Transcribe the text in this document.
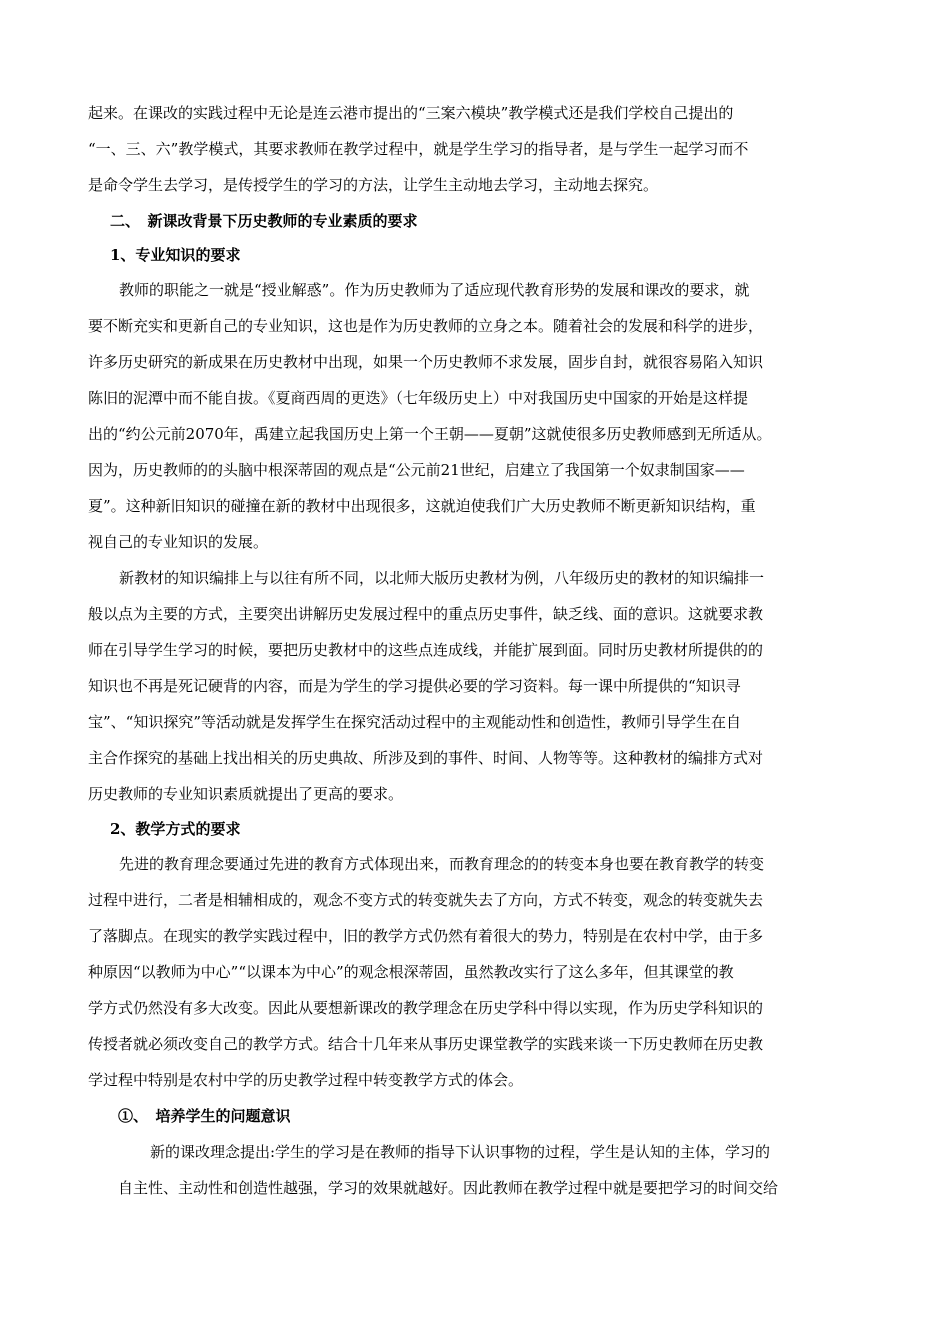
起来。在课改的实践过程中无论是连云港市提出的“三案六模块”教学模式还是我们学校自己提出的
“一、三、六”教学模式，其要求教师在教学过程中，就是学生学习的指导者，是与学生一起学习而不
是命令学生去学习，是传授学生的学习的方法，让学生主动地去学习，主动地去探究。
二、　新课改背景下历史教师的专业素质的要求
1、专业知识的要求
教师的职能之一就是“授业解惑”。作为历史教师为了适应现代教育形势的发展和课改的要求，就
要不断充实和更新自己的专业知识，这也是作为历史教师的立身之本。随着社会的发展和科学的进步，
许多历史研究的新成果在历史教材中出现，如果一个历史教师不求发展，固步自封，就很容易陷入知识
陈旧的泥潭中而不能自拔。《夏商西周的更迭》（七年级历史上）中对我国历史中国家的开始是这样提
出的“约公元前2070年，禹建立起我国历史上第一个王朝——夏朝”这就使很多历史教师感到无所适从。
因为，历史教师的的头脑中根深蒂固的观点是“公元前21世纪，启建立了我国第一个奴隶制国家——
夏”。这种新旧知识的碰撞在新的教材中出现很多，这就迫使我们广大历史教师不断更新知识结构，重
视自己的专业知识的发展。
新教材的知识编排上与以往有所不同，以北师大版历史教材为例，八年级历史的教材的知识编排一
般以点为主要的方式，主要突出讲解历史发展过程中的重点历史事件，缺乏线、面的意识。这就要求教
师在引导学生学习的时候，要把历史教材中的这些点连成线，并能扩展到面。同时历史教材所提供的的
知识也不再是死记硬背的内容，而是为学生的学习提供必要的学习资料。每一课中所提供的“知识寻
宝”、“知识探究”等活动就是发挥学生在探究活动过程中的主观能动性和创造性，教师引导学生在自
主合作探究的基础上找出相关的历史典故、所涉及到的事件、时间、人物等等。这种教材的编排方式对
历史教师的专业知识素质就提出了更高的要求。
2、教学方式的要求
先进的教育理念要通过先进的教育方式体现出来，而教育理念的的转变本身也要在教育教学的转变
过程中进行，二者是相辅相成的，观念不变方式的转变就失去了方向，方式不转变，观念的转变就失去
了落脚点。在现实的教学实践过程中，旧的教学方式仍然有着很大的势力，特别是在农村中学，由于多
种原因“以教师为中心”“以课本为中心”的观念根深蒂固，虽然教改实行了这么多年，但其课堂的教
学方式仍然没有多大改变。因此从要想新课改的教学理念在历史学科中得以实现，作为历史学科知识的
传授者就必须改变自己的教学方式。结合十几年来从事历史课堂教学的实践来谈一下历史教师在历史教
学过程中特别是农村中学的历史教学过程中转变教学方式的体会。
①、　培养学生的问题意识
新的课改理念提出:学生的学习是在教师的指导下认识事物的过程，学生是认知的主体，学习的
自主性、主动性和创造性越强，学习的效果就越好。因此教师在教学过程中就是要把学习的时间交给
